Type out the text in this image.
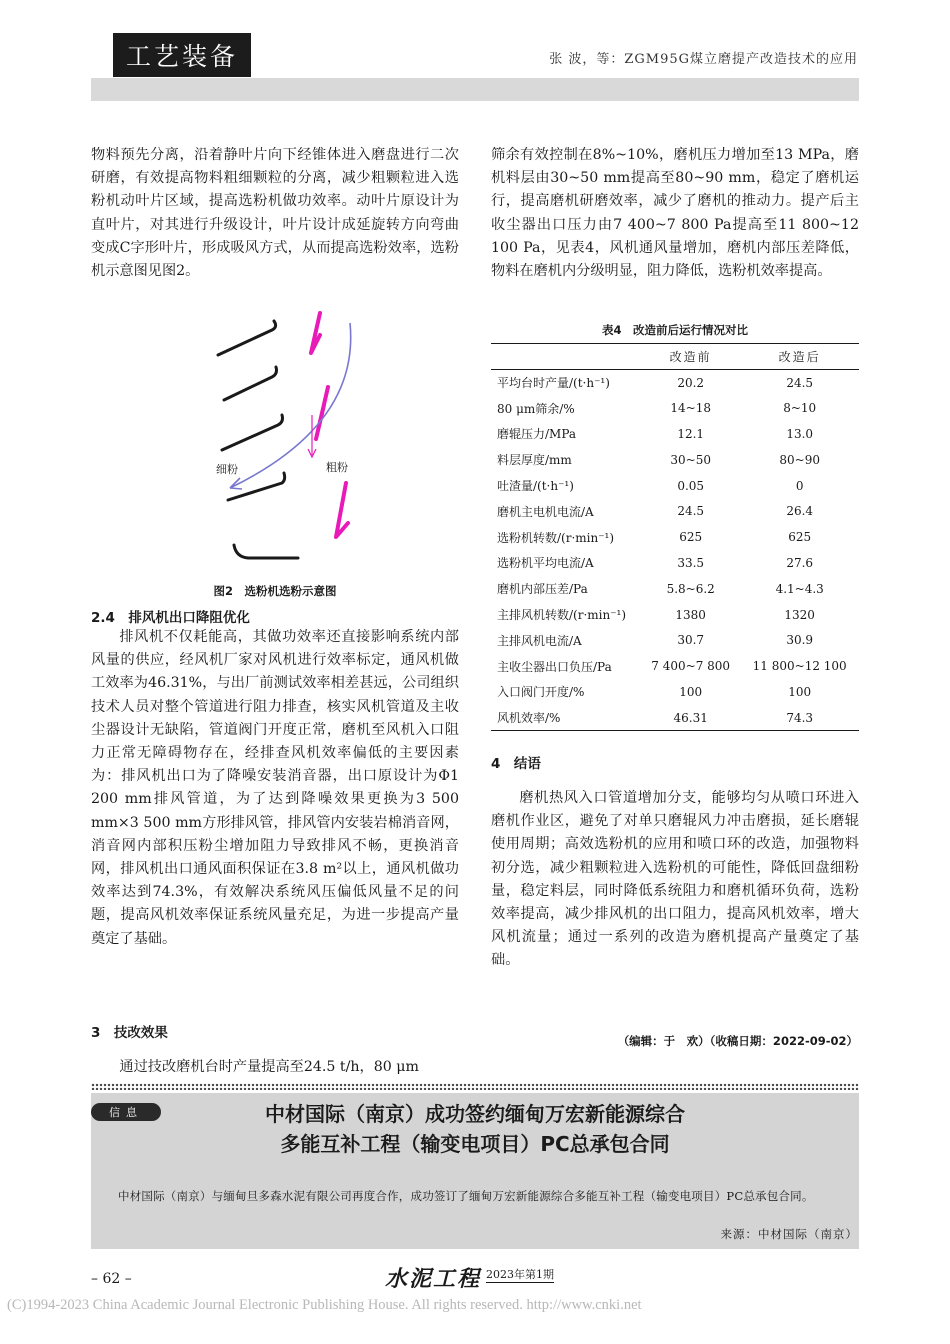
工艺装备	张 波，等：ZGM95G煤立磨提产改造技术的应用

物料预先分离，沿着静叶片向下经锥体进入磨盘进行二次研磨，有效提高物料粗细颗粒的分离，减少粗颗粒进入选粉机动叶片区域，提高选粉机做功效率。动叶片原设计为直叶片，对其进行升级设计，叶片设计成延旋转方向弯曲变成C字形叶片，形成吸风方式，从而提高选粉效率，选粉机示意图见图2。

细粉	粗粉
图2　选粉机选粉示意图
2.4　排风机出口降阻优化

排风机不仅耗能高，其做功效率还直接影响系统内部风量的供应，经风机厂家对风机进行效率标定，通风机做工效率为46.31%，与出厂前测试效率相差甚远，公司组织技术人员对整个管道进行阻力排查，核实风机管道及主收尘器设计无缺陷，管道阀门开度正常，磨机至风机入口阻力正常无障碍物存在，经排查风机效率偏低的主要因素为：排风机出口为了降噪安装消音器，出口原设计为Φ1 200 mm排风管道，为了达到降噪效果更换为3 500 mm×3 500 mm方形排风管，排风管内安装岩棉消音网，消音网内部积压粉尘增加阻力导致排风不畅，更换消音网，排风机出口通风面积保证在3.8 m²以上，通风机做功效率达到74.3%，有效解决系统风压偏低风量不足的问题，提高风机效率保证系统风量充足，为进一步提高产量奠定了基础。

3　技改效果

通过技改磨机台时产量提高至24.5 t/h，80 μm

筛余有效控制在8%~10%，磨机压力增加至13 MPa，磨机料层由30~50 mm提高至80~90 mm，稳定了磨机运行，提高磨机研磨效率，减少了磨机的推动力。提产后主收尘器出口压力由7 400~7 800 Pa提高至11 800~12 100 Pa，见表4，风机通风量增加，磨机内部压差降低，物料在磨机内分级明显，阻力降低，选粉机效率提高。

表4　改造前后运行情况对比
	改造前	改造后
平均台时产量/(t·h⁻¹)	20.2	24.5
80 μm筛余/%	14~18	8~10
磨辊压力/MPa	12.1	13.0
料层厚度/mm	30~50	80~90
吐渣量/(t·h⁻¹)	0.05	0
磨机主电机电流/A	24.5	26.4
选粉机转数/(r·min⁻¹)	625	625
选粉机平均电流/A	33.5	27.6
磨机内部压差/Pa	5.8~6.2	4.1~4.3
主排风机转数/(r·min⁻¹)	1380	1320
主排风机电流/A	30.7	30.9
主收尘器出口负压/Pa	7 400~7 800	11 800~12 100
入口阀门开度/%	100	100
风机效率/%	46.31	74.3
4　结语

磨机热风入口管道增加分支，能够均匀从喷口环进入磨机作业区，避免了对单只磨辊风力冲击磨损，延长磨辊使用周期；高效选粉机的应用和喷口环的改造，加强物料初分选，减少粗颗粒进入选粉机的可能性，降低回盘细粉量，稳定料层，同时降低系统阻力和磨机循环负荷，选粉效率提高，减少排风机的出口阻力，提高风机效率，增大风机流量；通过一系列的改造为磨机提高产量奠定了基础。

（编辑：于　欢）（收稿日期：2022-09-02）
信息	中材国际（南京）成功签约缅甸万宏新能源综合
多能互补工程（输变电项目）PC总承包合同
中材国际（南京）与缅甸旦多森水泥有限公司再度合作，成功签订了缅甸万宏新能源综合多能互补工程（输变电项目）PC总承包合同。
来源：中材国际（南京）
– 62 –	水泥工程 2023年第1期
(C)1994-2023 China Academic Journal Electronic Publishing House. All rights reserved. http://www.cnki.net
